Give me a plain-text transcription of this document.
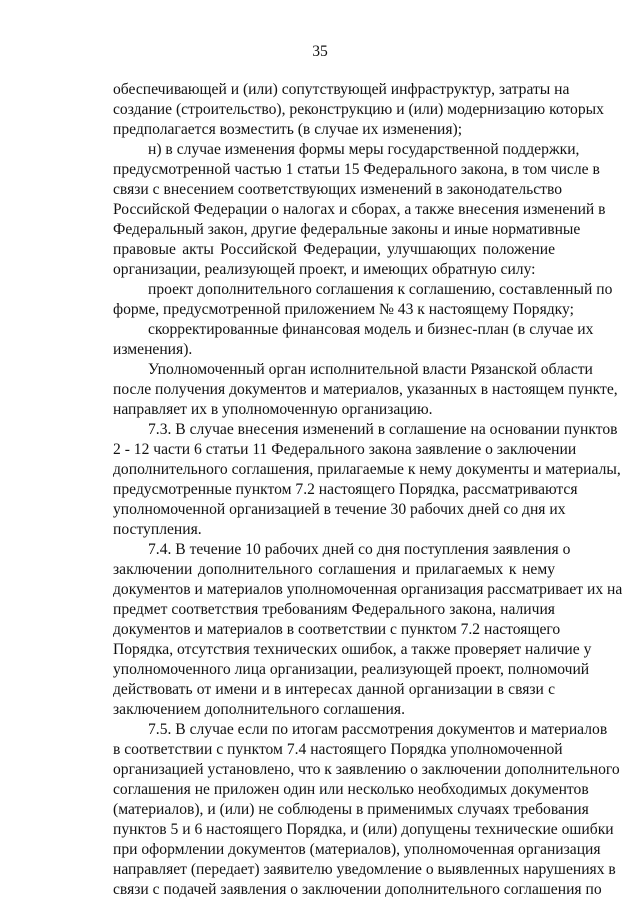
35
обеспечивающей и (или) сопутствующей инфраструктур, затраты на
создание (строительство), реконструкцию и (или) модернизацию которых
предполагается возместить (в случае их изменения);
н) в случае изменения формы меры государственной поддержки,
предусмотренной частью 1 статьи 15 Федерального закона, в том числе в
связи с внесением соответствующих изменений в законодательство
Российской Федерации о налогах и сборах, а также внесения изменений в
Федеральный закон, другие федеральные законы и иные нормативные
правовые акты Российской Федерации, улучшающих положение
организации, реализующей проект, и имеющих обратную силу:
проект дополнительного соглашения к соглашению, составленный по
форме, предусмотренной приложением № 43 к настоящему Порядку;
скорректированные финансовая модель и бизнес-план (в случае их
изменения).
Уполномоченный орган исполнительной власти Рязанской области
после получения документов и материалов, указанных в настоящем пункте,
направляет их в уполномоченную организацию.
7.3. В случае внесения изменений в соглашение на основании пунктов
2 - 12 части 6 статьи 11 Федерального закона заявление о заключении
дополнительного соглашения, прилагаемые к нему документы и материалы,
предусмотренные пунктом 7.2 настоящего Порядка, рассматриваются
уполномоченной организацией в течение 30 рабочих дней со дня их
поступления.
7.4. В течение 10 рабочих дней со дня поступления заявления о
заключении дополнительного соглашения и прилагаемых к нему
документов и материалов уполномоченная организация рассматривает их на
предмет соответствия требованиям Федерального закона, наличия
документов и материалов в соответствии с пунктом 7.2 настоящего
Порядка, отсутствия технических ошибок, а также проверяет наличие у
уполномоченного лица организации, реализующей проект, полномочий
действовать от имени и в интересах данной организации в связи с
заключением дополнительного соглашения.
7.5. В случае если по итогам рассмотрения документов и материалов
в соответствии с пунктом 7.4 настоящего Порядка уполномоченной
организацией установлено, что к заявлению о заключении дополнительного
соглашения не приложен один или несколько необходимых документов
(материалов), и (или) не соблюдены в применимых случаях требования
пунктов 5 и 6 настоящего Порядка, и (или) допущены технические ошибки
при оформлении документов (материалов), уполномоченная организация
направляет (передает) заявителю уведомление о выявленных нарушениях в
связи с подачей заявления о заключении дополнительного соглашения по
